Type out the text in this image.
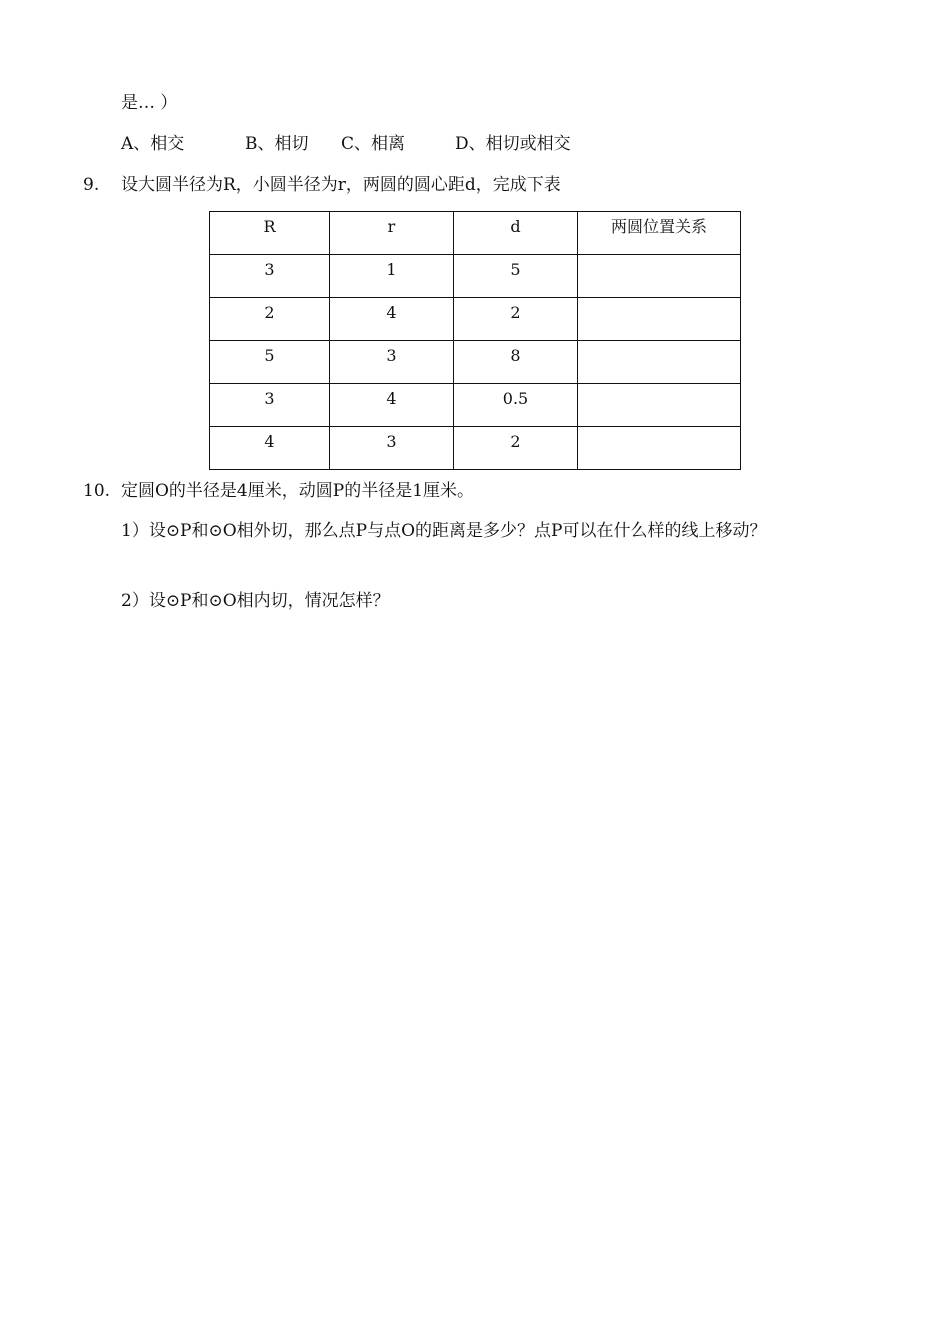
是… ）
A、相交	B、相切 C、相离	D、相切或相交
9. 设大圆半径为R，小圆半径为r，两圆的圆心距d，完成下表
R	r	d	两圆位置关系
3	1	5	
2	4	2	
5	3	8	
3	4	0.5	
4	3	2	
10. 定圆O的半径是4厘米，动圆P的半径是1厘米。
1）设⊙P和⊙O相外切，那么点P与点O的距离是多少？点P可以在什么样的线上移动？
2）设⊙P和⊙O相内切，情况怎样？
